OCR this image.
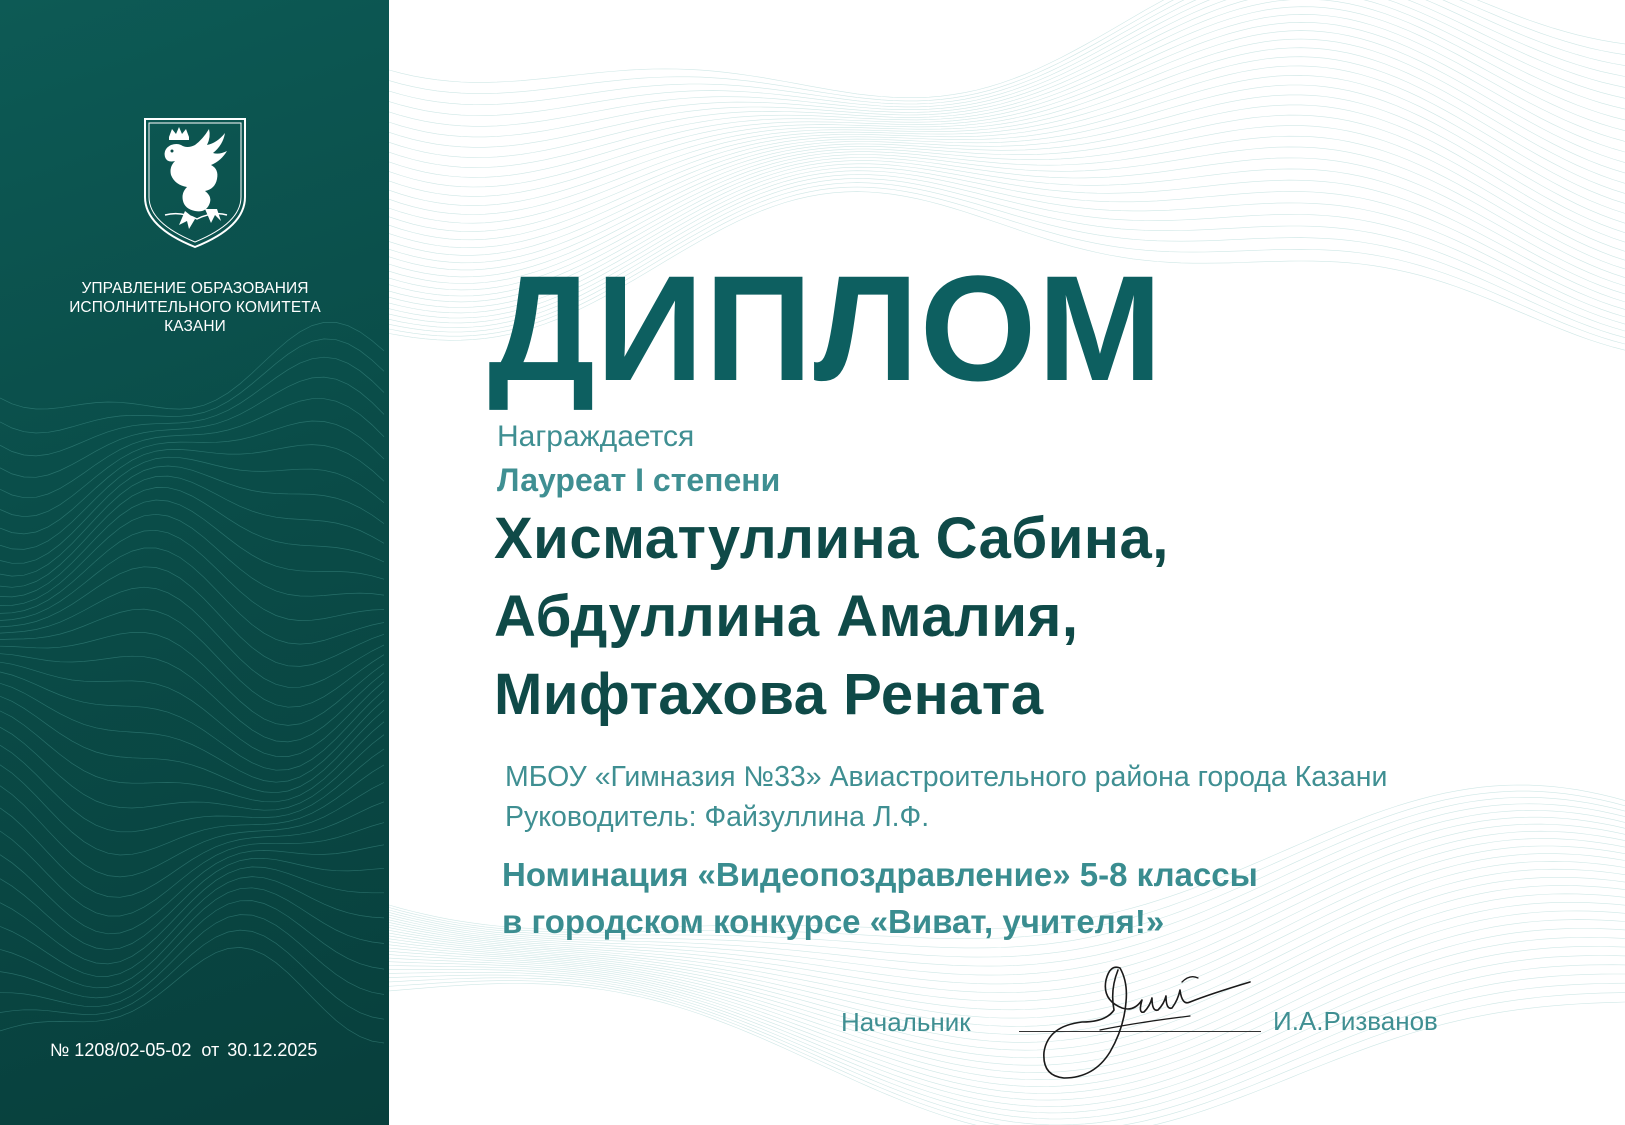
УПРАВЛЕНИЕ ОБРАЗОВАНИЯ
ИСПОЛНИТЕЛЬНОГО КОМИТЕТА
КАЗАНИ
№ 1208/02-05-02 от 30.12.2025
ДИПЛОМ
Награждается
Лауреат I степени
Хисматуллина Сабина,
Абдуллина Амалия,
Мифтахова Рената
МБОУ «Гимназия №33» Авиастроительного района города Казани
Руководитель: Файзуллина Л.Ф.
Номинация «Видеопоздравление» 5-8 классы
в городском конкурсе «Виват, учителя!»
Начальник	И.А.Ризванов
